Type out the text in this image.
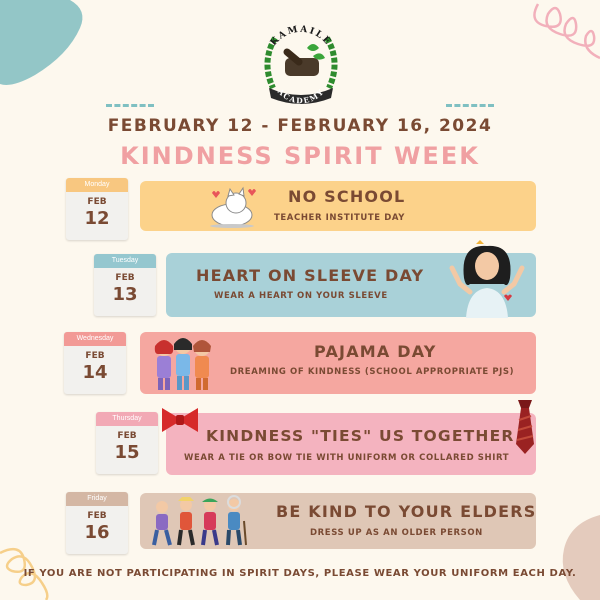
KAMAILE
ACADEMY
FEBRUARY 12 - FEBRUARY 16, 2024
KINDNESS SPIRIT WEEK
Monday
FEB
12
NO SCHOOL
TEACHER INSTITUTE DAY
Tuesday
FEB
13
HEART ON SLEEVE DAY
WEAR A HEART ON YOUR SLEEVE
Wednesday
FEB
14
PAJAMA DAY
DREAMING OF KINDNESS (SCHOOL APPROPRIATE PJS)
Thursday
FEB
15
KINDNESS "TIES" US TOGETHER
WEAR A TIE OR BOW TIE WITH UNIFORM OR COLLARED SHIRT
Friday
FEB
16
BE KIND TO YOUR ELDERS
DRESS UP AS AN OLDER PERSON
IF YOU ARE NOT PARTICIPATING IN SPIRIT DAYS, PLEASE WEAR YOUR UNIFORM EACH DAY.
